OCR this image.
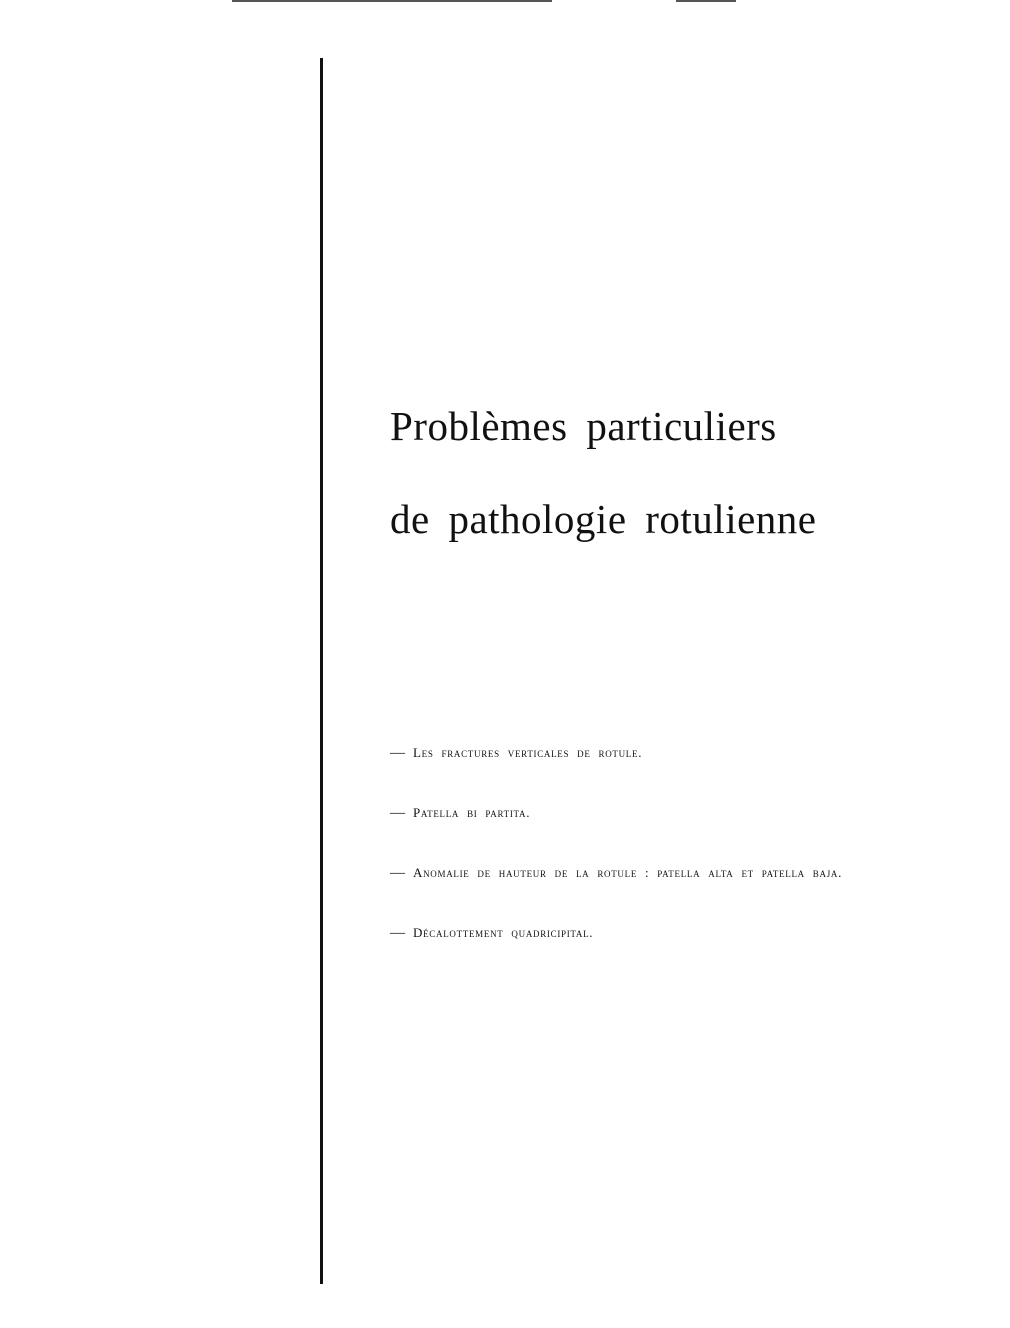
Problèmes particuliers
de pathologie rotulienne
— Les fractures verticales de rotule.
— Patella bi partita.
— Anomalie de hauteur de la rotule : patella alta et patella baja.
— Décalottement quadricipital.
